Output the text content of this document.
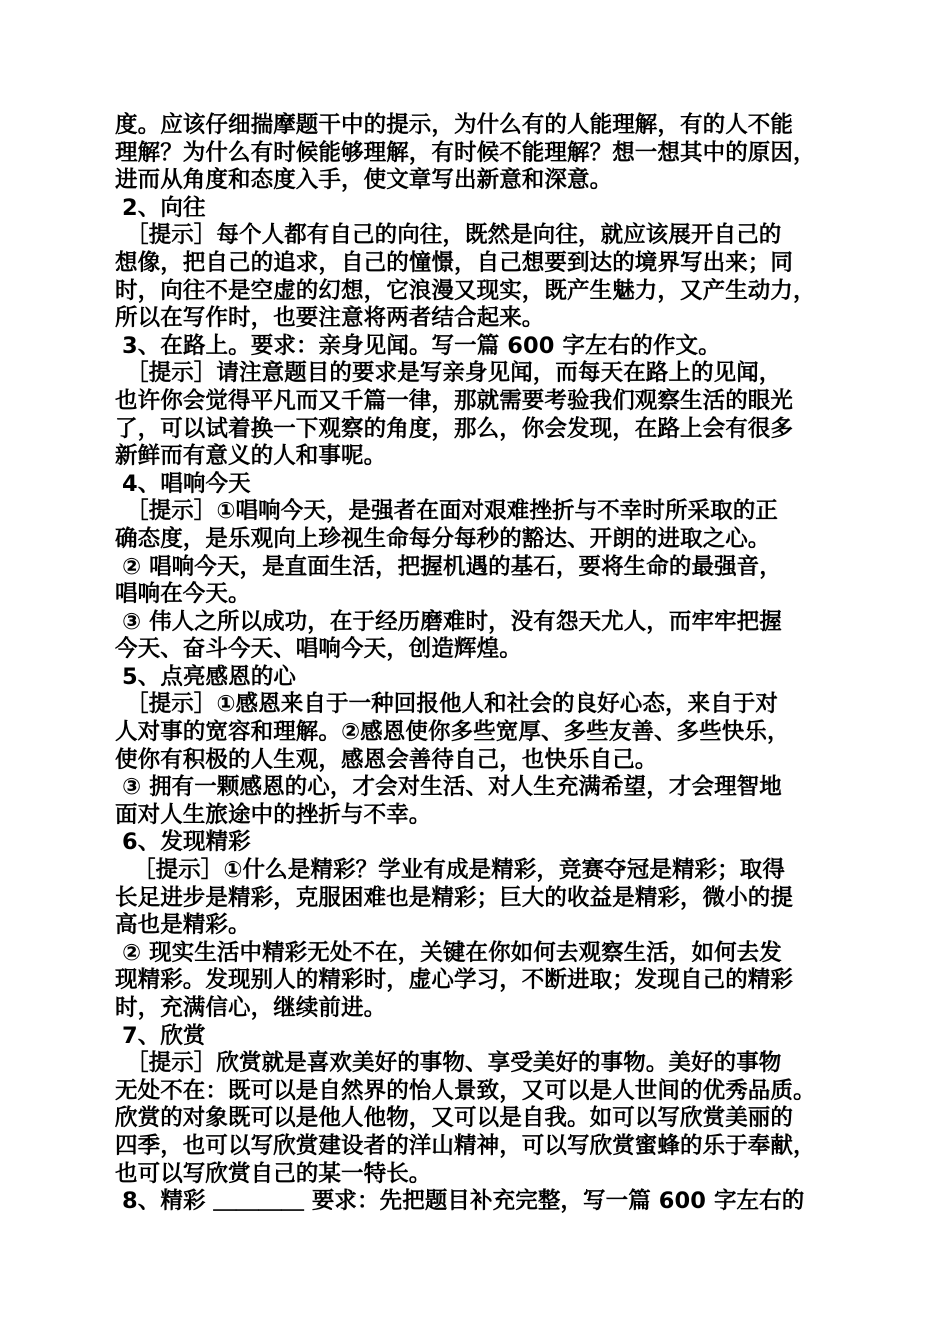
度。应该仔细揣摩题干中的提示，为什么有的人能理解，有的人不能
理解？为什么有时候能够理解，有时候不能理解？想一想其中的原因，
进而从角度和态度入手，使文章写出新意和深意。
2、向往
［提示］每个人都有自己的向往，既然是向往，就应该展开自己的
想像，把自己的追求，自己的憧憬，自己想要到达的境界写出来；同
时，向往不是空虚的幻想，它浪漫又现实，既产生魅力，又产生动力，
所以在写作时，也要注意将两者结合起来。
3、在路上。要求：亲身见闻。写一篇 600 字左右的作文。
［提示］请注意题目的要求是写亲身见闻，而每天在路上的见闻，
也许你会觉得平凡而又千篇一律，那就需要考验我们观察生活的眼光
了，可以试着换一下观察的角度，那么，你会发现，在路上会有很多
新鲜而有意义的人和事呢。
4、唱响今天
［提示］①唱响今天，是强者在面对艰难挫折与不幸时所采取的正
确态度，是乐观向上珍视生命每分每秒的豁达、开朗的进取之心。
② 唱响今天，是直面生活，把握机遇的基石，要将生命的最强音，
唱响在今天。
③ 伟人之所以成功，在于经历磨难时，没有怨天尤人，而牢牢把握
今天、奋斗今天、唱响今天，创造辉煌。
5、点亮感恩的心
［提示］①感恩来自于一种回报他人和社会的良好心态，来自于对
人对事的宽容和理解。②感恩使你多些宽厚、多些友善、多些快乐，
使你有积极的人生观，感恩会善待自己，也快乐自己。
③ 拥有一颗感恩的心，才会对生活、对人生充满希望，才会理智地
面对人生旅途中的挫折与不幸。
6、发现精彩
［提示］①什么是精彩？学业有成是精彩，竞赛夺冠是精彩；取得
长足进步是精彩，克服困难也是精彩；巨大的收益是精彩，微小的提
高也是精彩。
② 现实生活中精彩无处不在，关键在你如何去观察生活，如何去发
现精彩。发现别人的精彩时，虚心学习，不断进取；发现自己的精彩
时，充满信心，继续前进。
7、欣赏
［提示］欣赏就是喜欢美好的事物、享受美好的事物。美好的事物
无处不在：既可以是自然界的怡人景致，又可以是人世间的优秀品质。
欣赏的对象既可以是他人他物，又可以是自我。如可以写欣赏美丽的
四季，也可以写欣赏建设者的洋山精神，可以写欣赏蜜蜂的乐于奉献，
也可以写欣赏自己的某一特长。
8、精彩 ＿＿＿＿ 要求：先把题目补充完整，写一篇 600 字左右的
